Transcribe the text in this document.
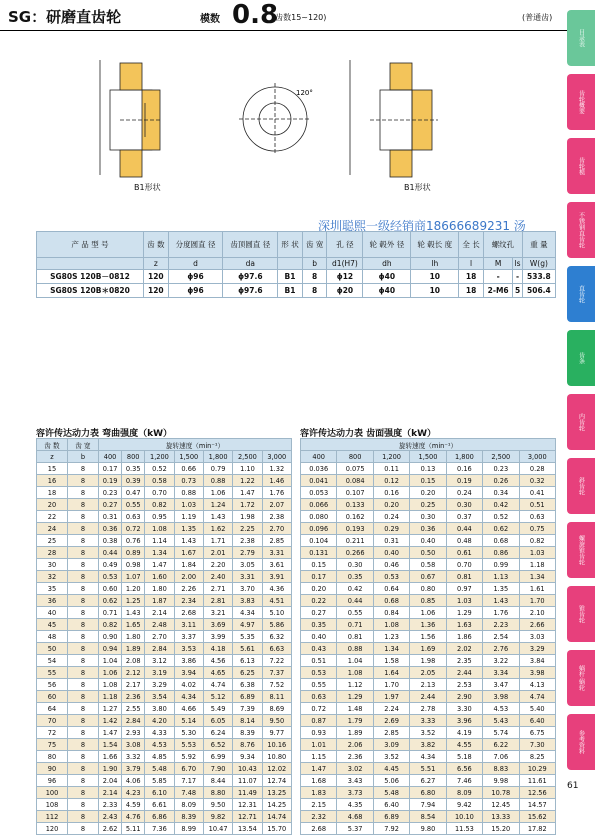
SG：研磨直齿轮	模数 0.8
(齿数15~120)	(普通齿)
120°
B1形状	B1形状
深圳聪熙一级经销商18666689231 汤
产 品 型 号	齿 数	分度圆直 径	齿顶圆直 径	形 状	齿 宽	孔 径	轮 毂外 径	轮 毂长 度	全 长	螺纹孔		重 量
	z	d	da		b	d1(H7)	dh	lh	l	M	ls	W(g)
SG80S 120B－0812	120	ϕ96	ϕ97.6	B1	8	ϕ12	ϕ40	10	18	-	-	533.8
SG80S 120B＊0820	120	ϕ96	ϕ97.6	B1	8	ϕ20	ϕ40	10	18	2-M6	5	506.4
容许传达动力表 弯曲强度（kW）	容许传达动力表 齿面强度（kW）
齿 数	齿 宽	旋转速度（min⁻¹）						
z	b	400	800	1,200	1,500	1,800	2,500	3,000
15	8	0.17	0.35	0.52	0.66	0.79	1.10	1.32
16	8	0.19	0.39	0.58	0.73	0.88	1.22	1.46
18	8	0.23	0.47	0.70	0.88	1.06	1.47	1.76
20	8	0.27	0.55	0.82	1.03	1.24	1.72	2.07
22	8	0.31	0.63	0.95	1.19	1.43	1.98	2.38
24	8	0.36	0.72	1.08	1.35	1.62	2.25	2.70
25	8	0.38	0.76	1.14	1.43	1.71	2.38	2.85
28	8	0.44	0.89	1.34	1.67	2.01	2.79	3.31
30	8	0.49	0.98	1.47	1.84	2.20	3.05	3.61
32	8	0.53	1.07	1.60	2.00	2.40	3.31	3.91
35	8	0.60	1.20	1.80	2.26	2.71	3.70	4.36
36	8	0.62	1.25	1.87	2.34	2.81	3.83	4.51
40	8	0.71	1.43	2.14	2.68	3.21	4.34	5.10
45	8	0.82	1.65	2.48	3.11	3.69	4.97	5.86
48	8	0.90	1.80	2.70	3.37	3.99	5.35	6.32
50	8	0.94	1.89	2.84	3.53	4.18	5.61	6.63
54	8	1.04	2.08	3.12	3.86	4.56	6.13	7.22
55	8	1.06	2.12	3.19	3.94	4.65	6.25	7.37
56	8	1.08	2.17	3.29	4.02	4.74	6.38	7.52
60	8	1.18	2.36	3.54	4.34	5.12	6.89	8.11
64	8	1.27	2.55	3.80	4.66	5.49	7.39	8.69
70	8	1.42	2.84	4.20	5.14	6.05	8.14	9.50
72	8	1.47	2.93	4.33	5.30	6.24	8.39	9.77
75	8	1.54	3.08	4.53	5.53	6.52	8.76	10.16
80	8	1.66	3.32	4.85	5.92	6.99	9.34	10.80
90	8	1.90	3.79	5.48	6.70	7.90	10.43	12.02
96	8	2.04	4.06	5.85	7.17	8.44	11.07	12.74
100	8	2.14	4.23	6.10	7.48	8.80	11.49	13.25
108	8	2.33	4.59	6.61	8.09	9.50	12.31	14.25
112	8	2.43	4.76	6.86	8.39	9.82	12.71	14.74
120	8	2.62	5.11	7.36	8.99	10.47	13.54	15.70
旋转速度（min⁻¹）						
400	800	1,200	1,500	1,800	2,500	3,000
0.036	0.075	0.11	0.13	0.16	0.23	0.28
0.041	0.084	0.12	0.15	0.19	0.26	0.32
0.053	0.107	0.16	0.20	0.24	0.34	0.41
0.066	0.133	0.20	0.25	0.30	0.42	0.51
0.080	0.162	0.24	0.30	0.37	0.52	0.63
0.096	0.193	0.29	0.36	0.44	0.62	0.75
0.104	0.211	0.31	0.40	0.48	0.68	0.82
0.131	0.266	0.40	0.50	0.61	0.86	1.03
0.15	0.30	0.46	0.58	0.70	0.99	1.18
0.17	0.35	0.53	0.67	0.81	1.13	1.34
0.20	0.42	0.64	0.80	0.97	1.35	1.61
0.22	0.44	0.68	0.85	1.03	1.43	1.70
0.27	0.55	0.84	1.06	1.29	1.76	2.10
0.35	0.71	1.08	1.36	1.63	2.23	2.66
0.40	0.81	1.23	1.56	1.86	2.54	3.03
0.43	0.88	1.34	1.69	2.02	2.76	3.29
0.51	1.04	1.58	1.98	2.35	3.22	3.84
0.53	1.08	1.64	2.05	2.44	3.34	3.98
0.55	1.12	1.70	2.13	2.53	3.47	4.13
0.63	1.29	1.97	2.44	2.90	3.98	4.74
0.72	1.48	2.24	2.78	3.30	4.53	5.40
0.87	1.79	2.69	3.33	3.96	5.43	6.40
0.93	1.89	2.85	3.52	4.19	5.74	6.75
1.01	2.06	3.09	3.82	4.55	6.22	7.30
1.15	2.36	3.52	4.34	5.18	7.06	8.25
1.47	3.02	4.45	5.51	6.56	8.83	10.29
1.68	3.43	5.06	6.27	7.46	9.98	11.61
1.83	3.73	5.48	6.80	8.09	10.78	12.56
2.15	4.35	6.40	7.94	9.42	12.45	14.57
2.32	4.68	6.89	8.54	10.10	13.33	15.62
2.68	5.37	7.92	9.80	11.53	15.20	17.82
目录表
齿轮概要
齿轮模
不锈钢直齿轮
直齿轮
齿条
内齿轮
斜齿轮
螺旋锥齿轮
锥齿轮
蜗杆·蜗轮
参考资料
61
